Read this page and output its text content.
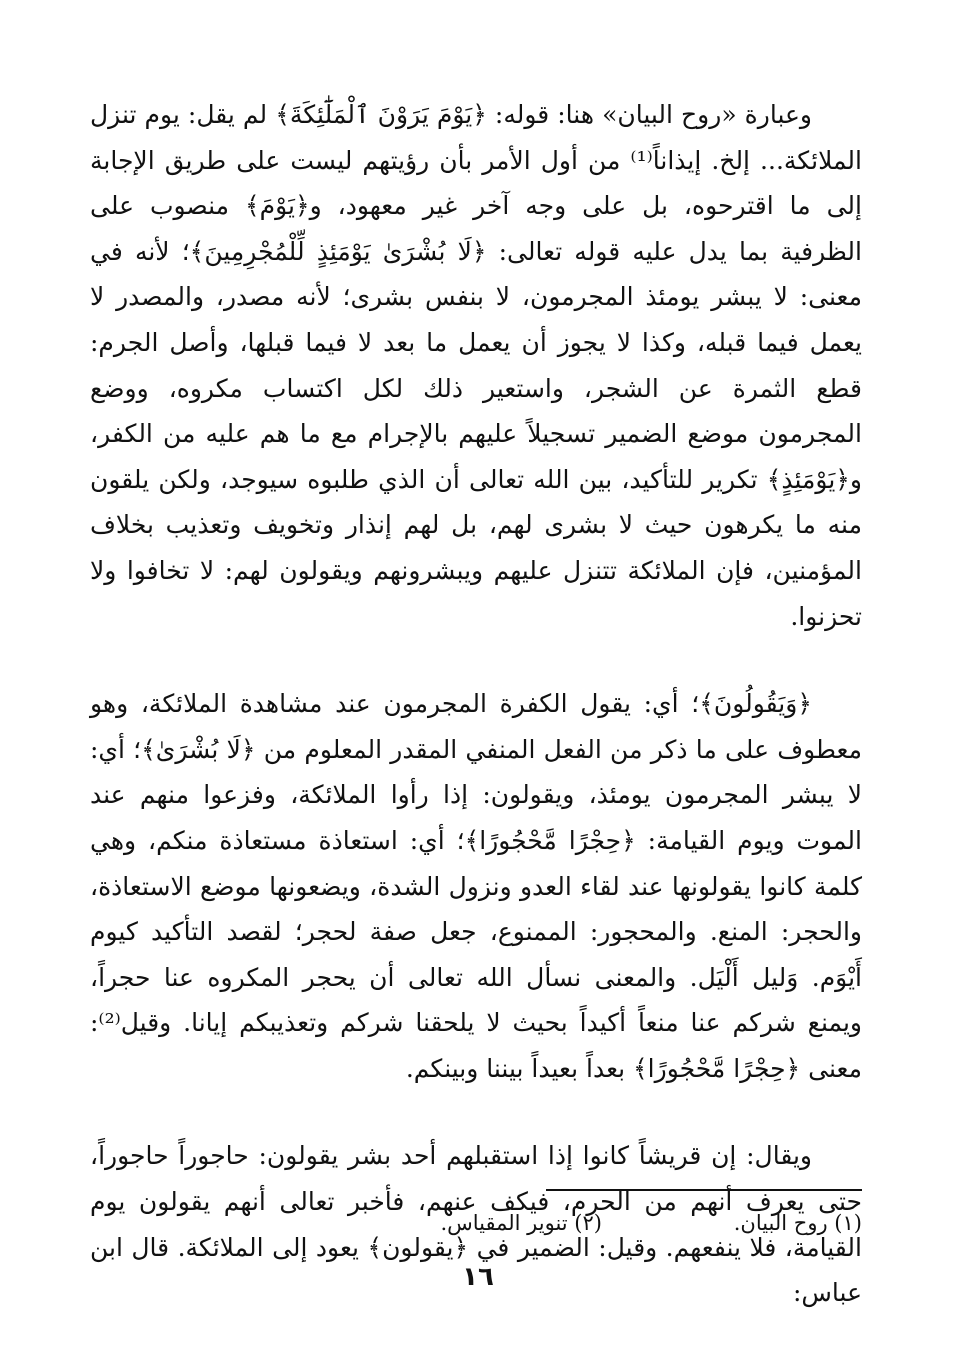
وعبارة «روح البيان» هنا: قوله: ﴿يَوْمَ يَرَوْنَ ٱلْمَلَٰٓئِكَةَ﴾ لم يقل: يوم تنزل الملائكة... إلخ. إيذاناً⁽¹⁾ من أول الأمر بأن رؤيتهم ليست على طريق الإجابة إلى ما اقترحوه، بل على وجه آخر غير معهود، و﴿يَوْمَ﴾ منصوب على الظرفية بما يدل عليه قوله تعالى: ﴿لَا بُشْرَىٰ يَوْمَئِذٍ لِّلْمُجْرِمِينَ﴾؛ لأنه في معنى: لا يبشر يومئذ المجرمون، لا بنفس بشرى؛ لأنه مصدر، والمصدر لا يعمل فيما قبله، وكذا لا يجوز أن يعمل ما بعد لا فيما قبلها، وأصل الجرم: قطع الثمرة عن الشجر، واستعير ذلك لكل اكتساب مكروه، ووضع المجرمون موضع الضمير تسجيلاً عليهم بالإجرام مع ما هم عليه من الكفر، و﴿يَوْمَئِذٍ﴾ تكرير للتأكيد، بين الله تعالى أن الذي طلبوه سيوجد، ولكن يلقون منه ما يكرهون حيث لا بشرى لهم، بل لهم إنذار وتخويف وتعذيب بخلاف المؤمنين، فإن الملائكة تتنزل عليهم ويبشرونهم ويقولون لهم: لا تخافوا ولا تحزنوا.

﴿وَيَقُولُونَ﴾؛ أي: يقول الكفرة المجرمون عند مشاهدة الملائكة، وهو معطوف على ما ذكر من الفعل المنفي المقدر المعلوم من ﴿لَا بُشْرَىٰ﴾؛ أي: لا يبشر المجرمون يومئذ، ويقولون: إذا رأوا الملائكة، وفزعوا منهم عند الموت ويوم القيامة: ﴿حِجْرًا مَّحْجُورًا﴾؛ أي: استعاذة مستعاذة منكم، وهي كلمة كانوا يقولونها عند لقاء العدو ونزول الشدة، ويضعونها موضع الاستعاذة، والحجر: المنع. والمحجور: الممنوع، جعل صفة لحجر؛ لقصد التأكيد كيوم أَيْوَم. وَليل أَلْيَل. والمعنى نسأل الله تعالى أن يحجر المكروه عنا حجراً، ويمنع شركم عنا منعاً أكيداً بحيث لا يلحقنا شركم وتعذيبكم إيانا. وقيل⁽²⁾: معنى ﴿حِجْرًا مَّحْجُورًا﴾ بعداً بعيداً بيننا وبينكم.

ويقال: إن قريشاً كانوا إذا استقبلهم أحد بشر يقولون: حاجوراً حاجوراً، حتى يعرف أنهم من الحرم، فيكف عنهم، فأخبر تعالى أنهم يقولون يوم القيامة، فلا ينفعهم. وقيل: الضمير في ﴿يقولون﴾ يعود إلى الملائكة. قال ابن عباس:

(١) روح البيان.
(٢) تنوير المقياس.
١٦
